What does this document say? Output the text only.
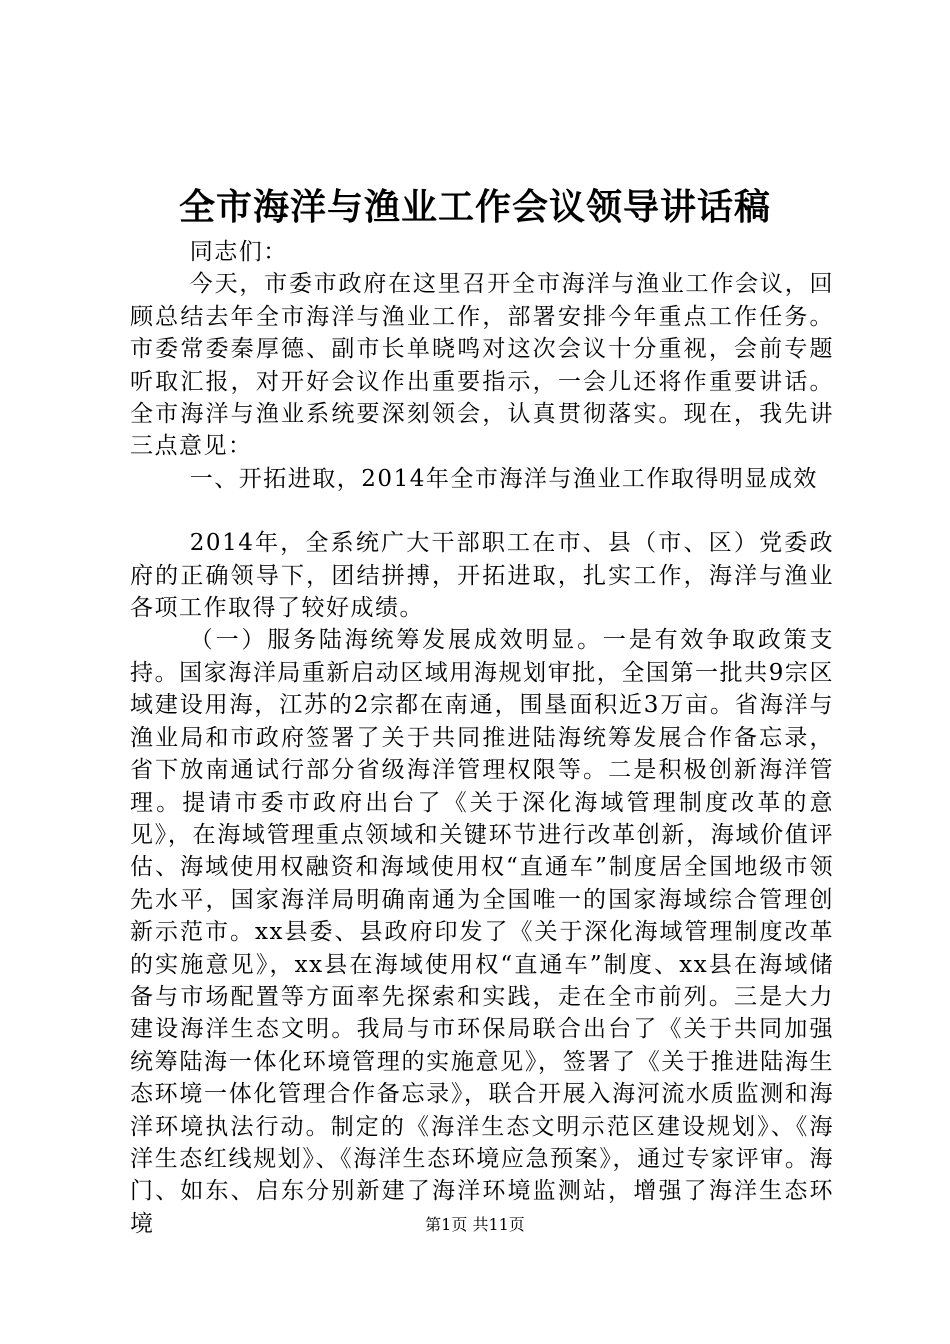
全市海洋与渔业工作会议领导讲话稿

同志们：

今天，市委市政府在这里召开全市海洋与渔业工作会议，回顾总结去年全市海洋与渔业工作，部署安排今年重点工作任务。市委常委秦厚德、副市长单晓鸣对这次会议十分重视，会前专题听取汇报，对开好会议作出重要指示，一会儿还将作重要讲话。全市海洋与渔业系统要深刻领会，认真贯彻落实。现在，我先讲三点意见：

一、开拓进取，2014年全市海洋与渔业工作取得明显成效

2014年，全系统广大干部职工在市、县（市、区）党委政府的正确领导下，团结拼搏，开拓进取，扎实工作，海洋与渔业各项工作取得了较好成绩。

（一）服务陆海统筹发展成效明显。一是有效争取政策支持。国家海洋局重新启动区域用海规划审批，全国第一批共9宗区域建设用海，江苏的2宗都在南通，围垦面积近3万亩。省海洋与渔业局和市政府签署了关于共同推进陆海统筹发展合作备忘录，省下放南通试行部分省级海洋管理权限等。二是积极创新海洋管理。提请市委市政府出台了《关于深化海域管理制度改革的意见》，在海域管理重点领域和关键环节进行改革创新，海域价值评估、海域使用权融资和海域使用权“直通车”制度居全国地级市领先水平，国家海洋局明确南通为全国唯一的国家海域综合管理创新示范市。xx县委、县政府印发了《关于深化海域管理制度改革的实施意见》，xx县在海域使用权“直通车”制度、xx县在海域储备与市场配置等方面率先探索和实践，走在全市前列。三是大力建设海洋生态文明。我局与市环保局联合出台了《关于共同加强统筹陆海一体化环境管理的实施意见》，签署了《关于推进陆海生态环境一体化管理合作备忘录》，联合开展入海河流水质监测和海洋环境执法行动。制定的《海洋生态文明示范区建设规划》、《海洋生态红线规划》、《海洋生态环境应急预案》，通过专家评审。海门、如东、启东分别新建了海洋环境监测站，增强了海洋生态环境	第1页 共11页
